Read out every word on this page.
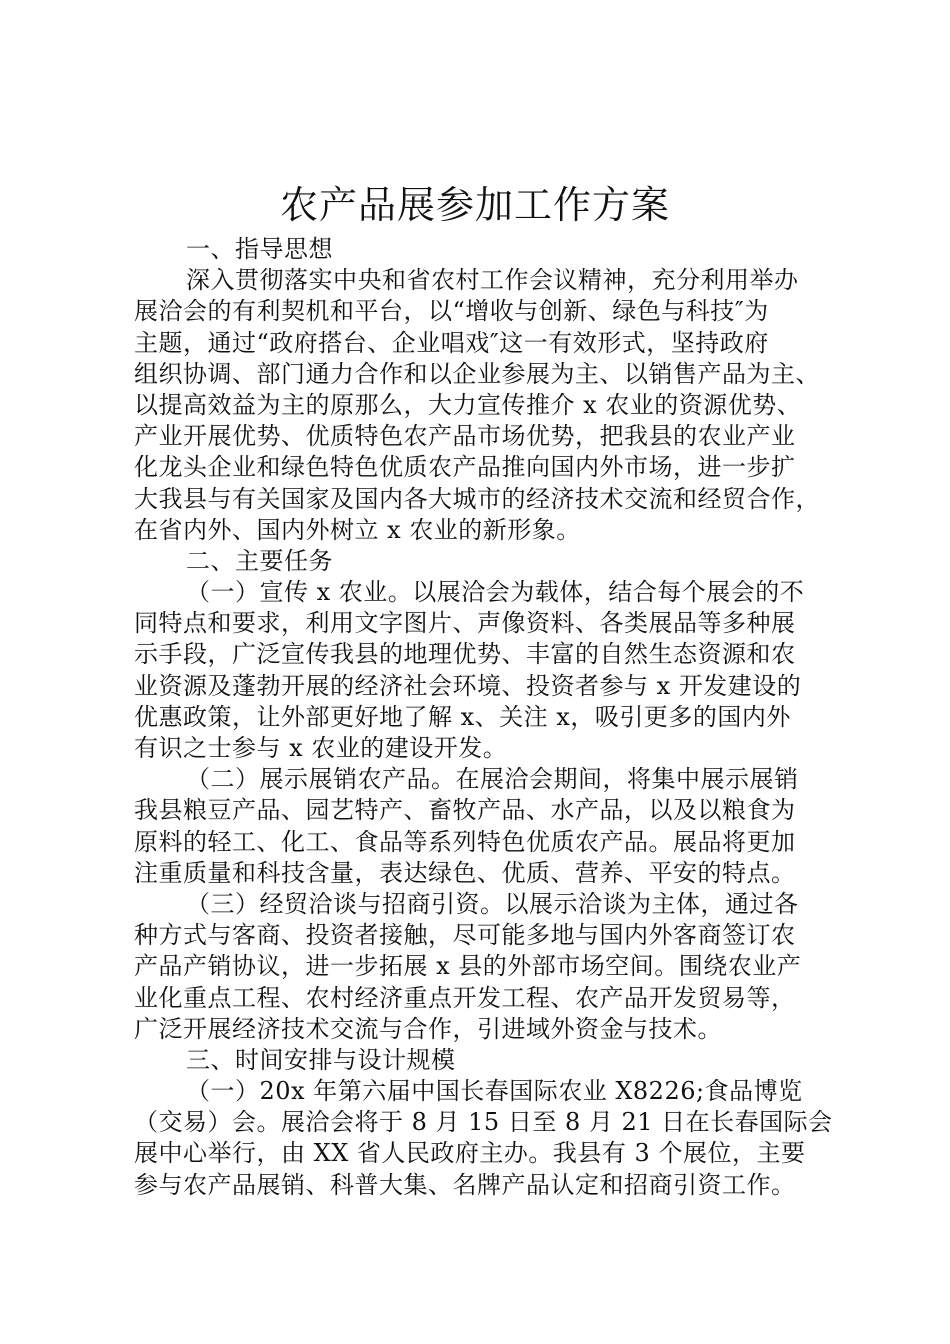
农产品展参加工作方案
一、指导思想
深入贯彻落实中央和省农村工作会议精神，充分利用举办
展洽会的有利契机和平台，以“增收与创新、绿色与科技″为
主题，通过“政府搭台、企业唱戏″这一有效形式，坚持政府
组织协调、部门通力合作和以企业参展为主、以销售产品为主、
以提高效益为主的原那么，大力宣传推介 x 农业的资源优势、
产业开展优势、优质特色农产品市场优势，把我县的农业产业
化龙头企业和绿色特色优质农产品推向国内外市场，进一步扩
大我县与有关国家及国内各大城市的经济技术交流和经贸合作，
在省内外、国内外树立 x 农业的新形象。
二、主要任务
（一）宣传 x 农业。以展洽会为载体，结合每个展会的不
同特点和要求，利用文字图片、声像资料、各类展品等多种展
示手段，广泛宣传我县的地理优势、丰富的自然生态资源和农
业资源及蓬勃开展的经济社会环境、投资者参与 x 开发建设的
优惠政策，让外部更好地了解 x、关注 x，吸引更多的国内外
有识之士参与 x 农业的建设开发。
（二）展示展销农产品。在展洽会期间，将集中展示展销
我县粮豆产品、园艺特产、畜牧产品、水产品，以及以粮食为
原料的轻工、化工、食品等系列特色优质农产品。展品将更加
注重质量和科技含量，表达绿色、优质、营养、平安的特点。
（三）经贸洽谈与招商引资。以展示洽谈为主体，通过各
种方式与客商、投资者接触，尽可能多地与国内外客商签订农
产品产销协议，进一步拓展 x 县的外部市场空间。围绕农业产
业化重点工程、农村经济重点开发工程、农产品开发贸易等，
广泛开展经济技术交流与合作，引进域外资金与技术。
三、时间安排与设计规模
（一）20x 年第六届中国长春国际农业 X8226;食品博览
（交易）会。展洽会将于 8 月 15 日至 8 月 21 日在长春国际会
展中心举行，由 XX 省人民政府主办。我县有 3 个展位，主要
参与农产品展销、科普大集、名牌产品认定和招商引资工作。
